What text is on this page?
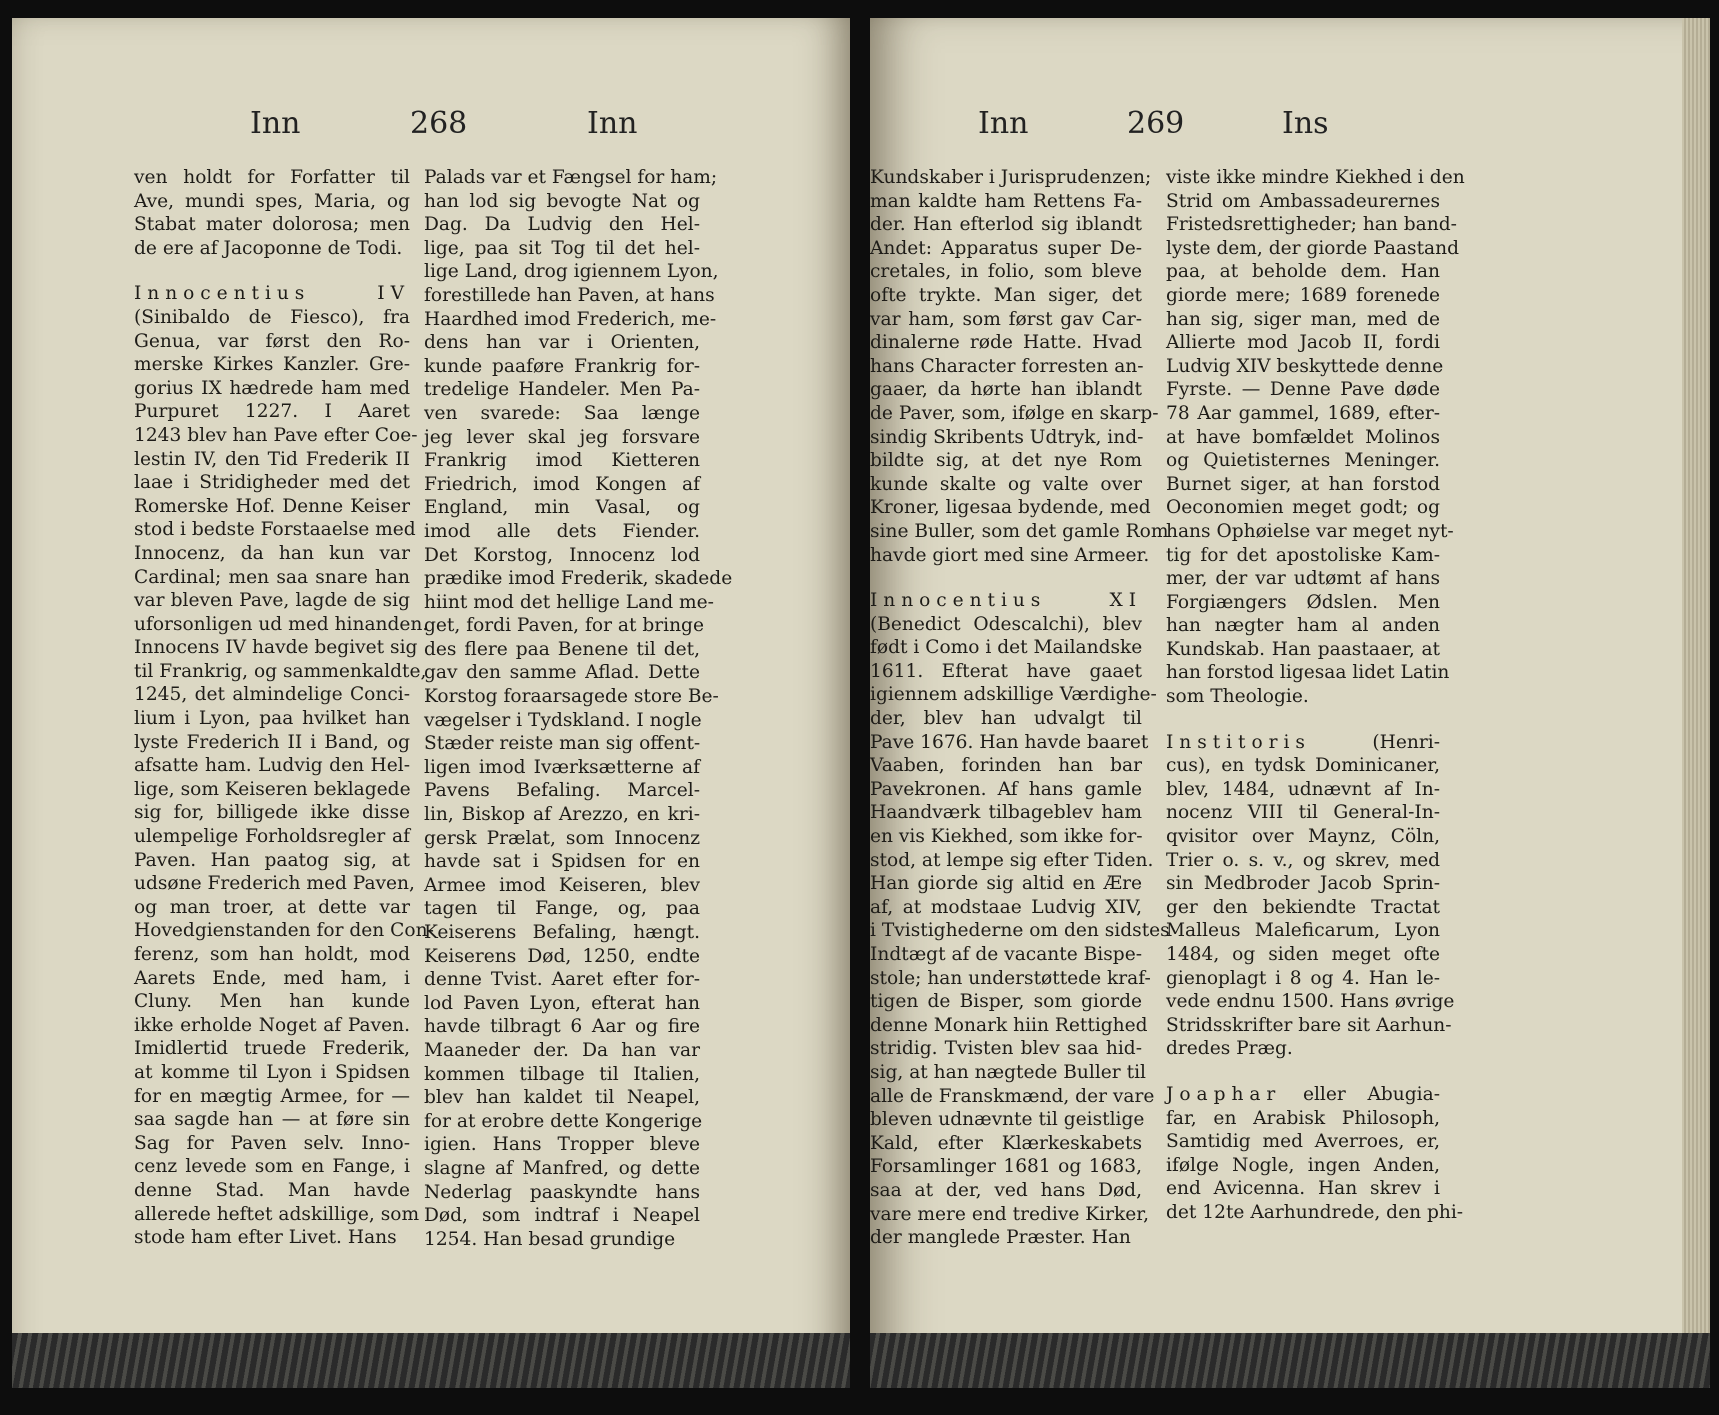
Inn	268	Inn
ven holdt for Forfatter til
Ave, mundi spes, Maria, og
Stabat mater dolorosa; men
de ere af Jacoponne de Todi.

Innocentius IV
(Sinibaldo de Fiesco), fra
Genua, var først den Ro-
merske Kirkes Kanzler. Gre-
gorius IX hædrede ham med
Purpuret 1227. I Aaret
1243 blev han Pave efter Coe-
lestin IV, den Tid Frederik II
laae i Stridigheder med det
Romerske Hof. Denne Keiser
stod i bedste Forstaaelse med
Innocenz, da han kun var
Cardinal; men saa snare han
var bleven Pave, lagde de sig
uforsonligen ud med hinanden.
Innocens IV havde begivet sig
til Frankrig, og sammenkaldte,
1245, det almindelige Conci-
lium i Lyon, paa hvilket han
lyste Frederich II i Band, og
afsatte ham. Ludvig den Hel-
lige, som Keiseren beklagede
sig for, billigede ikke disse
ulempelige Forholdsregler af
Paven. Han paatog sig, at
udsøne Frederich med Paven,
og man troer, at dette var
Hovedgienstanden for den Con-
ferenz, som han holdt, mod
Aarets Ende, med ham, i
Cluny. Men han kunde
ikke erholde Noget af Paven.
Imidlertid truede Frederik,
at komme til Lyon i Spidsen
for en mægtig Armee, for —
saa sagde han — at føre sin
Sag for Paven selv. Inno-
cenz levede som en Fange, i
denne Stad. Man havde
allerede heftet adskillige, som
stode ham efter Livet. Hans
Palads var et Fængsel for ham;
han lod sig bevogte Nat og
Dag. Da Ludvig den Hel-
lige, paa sit Tog til det hel-
lige Land, drog igiennem Lyon,
forestillede han Paven, at hans
Haardhed imod Frederich, me-
dens han var i Orienten,
kunde paaføre Frankrig for-
tredelige Handeler. Men Pa-
ven svarede: Saa længe
jeg lever skal jeg forsvare
Frankrig imod Kietteren
Friedrich, imod Kongen af
England, min Vasal, og
imod alle dets Fiender.
Det Korstog, Innocenz lod
prædike imod Frederik, skadede
hiint mod det hellige Land me-
get, fordi Paven, for at bringe
des flere paa Benene til det,
gav den samme Aflad. Dette
Korstog foraarsagede store Be-
vægelser i Tydskland. I nogle
Stæder reiste man sig offent-
ligen imod Iværksætterne af
Pavens Befaling. Marcel-
lin, Biskop af Arezzo, en kri-
gersk Prælat, som Innocenz
havde sat i Spidsen for en
Armee imod Keiseren, blev
tagen til Fange, og, paa
Keiserens Befaling, hængt.
Keiserens Død, 1250, endte
denne Tvist. Aaret efter for-
lod Paven Lyon, efterat han
havde tilbragt 6 Aar og fire
Maaneder der. Da han var
kommen tilbage til Italien,
blev han kaldet til Neapel,
for at erobre dette Kongerige
igien. Hans Tropper bleve
slagne af Manfred, og dette
Nederlag paaskyndte hans
Død, som indtraf i Neapel
1254. Han besad grundige
Inn	269	Ins
Kundskaber i Jurisprudenzen;
man kaldte ham Rettens Fa-
der. Han efterlod sig iblandt
Andet: Apparatus super De-
cretales, in folio, som bleve
ofte trykte. Man siger, det
var ham, som først gav Car-
dinalerne røde Hatte. Hvad
hans Character forresten an-
gaaer, da hørte han iblandt
de Paver, som, ifølge en skarp-
sindig Skribents Udtryk, ind-
bildte sig, at det nye Rom
kunde skalte og valte over
Kroner, ligesaa bydende, med
sine Buller, som det gamle Rom
havde giort med sine Armeer.

Innocentius XI
(Benedict Odescalchi), blev
født i Como i det Mailandske
1611. Efterat have gaaet
igiennem adskillige Værdighe-
der, blev han udvalgt til
Pave 1676. Han havde baaret
Vaaben, forinden han bar
Pavekronen. Af hans gamle
Haandværk tilbageblev ham
en vis Kiekhed, som ikke for-
stod, at lempe sig efter Tiden.
Han giorde sig altid en Ære
af, at modstaae Ludvig XIV,
i Tvistighederne om den sidstes
Indtægt af de vacante Bispe-
stole; han understøttede kraf-
tigen de Bisper, som giorde
denne Monark hiin Rettighed
stridig. Tvisten blev saa hid-
sig, at han nægtede Buller til
alle de Franskmænd, der vare
bleven udnævnte til geistlige
Kald, efter Klærkeskabets
Forsamlinger 1681 og 1683,
saa at der, ved hans Død,
vare mere end tredive Kirker,
der manglede Præster. Han
viste ikke mindre Kiekhed i den
Strid om Ambassadeurernes
Fristedsrettigheder; han band-
lyste dem, der giorde Paastand
paa, at beholde dem. Han
giorde mere; 1689 forenede
han sig, siger man, med de
Allierte mod Jacob II, fordi
Ludvig XIV beskyttede denne
Fyrste. — Denne Pave døde
78 Aar gammel, 1689, efter-
at have bomfældet Molinos
og Quietisternes Meninger.
Burnet siger, at han forstod
Oeconomien meget godt; og
hans Ophøielse var meget nyt-
tig for det apostoliske Kam-
mer, der var udtømt af hans
Forgiængers Ødslen. Men
han nægter ham al anden
Kundskab. Han paastaaer, at
han forstod ligesaa lidet Latin
som Theologie.

Institoris (Henri-
cus), en tydsk Dominicaner,
blev, 1484, udnævnt af In-
nocenz VIII til General-In-
qvisitor over Maynz, Cöln,
Trier o. s. v., og skrev, med
sin Medbroder Jacob Sprin-
ger den bekiendte Tractat
Malleus Maleficarum, Lyon
1484, og siden meget ofte
gienoplagt i 8 og 4. Han le-
vede endnu 1500. Hans øvrige
Stridsskrifter bare sit Aarhun-
dredes Præg.

Joaphar eller Abugia-
far, en Arabisk Philosoph,
Samtidig med Averroes, er,
ifølge Nogle, ingen Anden,
end Avicenna. Han skrev i
det 12te Aarhundrede, den phi-
